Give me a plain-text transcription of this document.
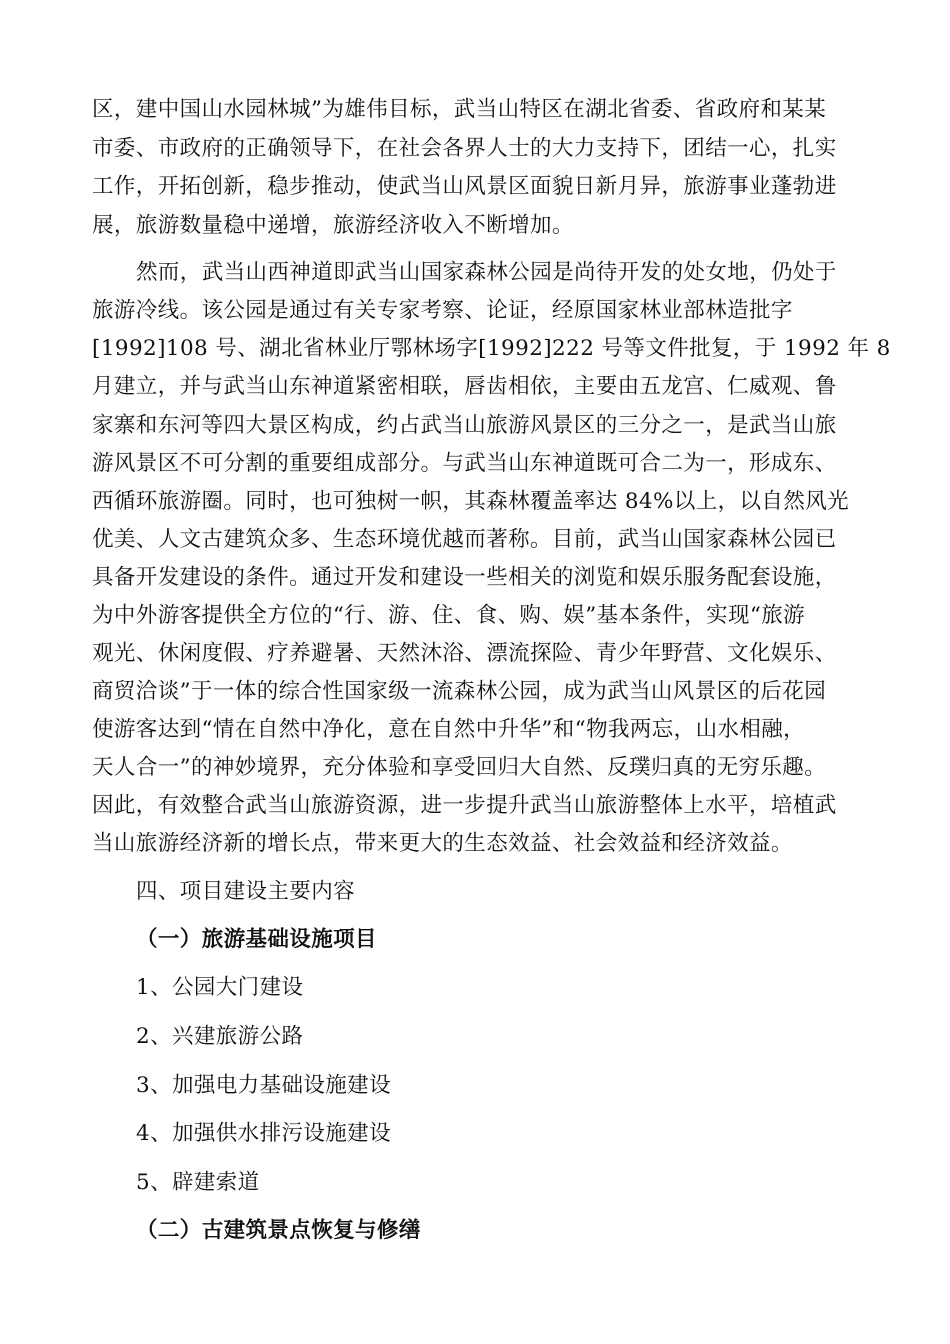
区，建中国山水园林城”为雄伟目标，武当山特区在湖北省委、省政府和某某
市委、市政府的正确领导下，在社会各界人士的大力支持下，团结一心，扎实
工作，开拓创新，稳步推动，使武当山风景区面貌日新月异，旅游事业蓬勃进
展，旅游数量稳中递增，旅游经济收入不断增加。
然而，武当山西神道即武当山国家森林公园是尚待开发的处女地，仍处于
旅游冷线。该公园是通过有关专家考察、论证，经原国家林业部林造批字
[1992]108 号、湖北省林业厅鄂林场字[1992]222 号等文件批复，于 1992 年 8
月建立，并与武当山东神道紧密相联，唇齿相依，主要由五龙宫、仁威观、鲁
家寨和东河等四大景区构成，约占武当山旅游风景区的三分之一，是武当山旅
游风景区不可分割的重要组成部分。与武当山东神道既可合二为一，形成东、
西循环旅游圈。同时，也可独树一帜，其森林覆盖率达 84%以上，以自然风光
优美、人文古建筑众多、生态环境优越而著称。目前，武当山国家森林公园已
具备开发建设的条件。通过开发和建设一些相关的浏览和娱乐服务配套设施，
为中外游客提供全方位的“行、游、住、食、购、娱”基本条件，实现“旅游
观光、休闲度假、疗养避暑、天然沐浴、漂流探险、青少年野营、文化娱乐、
商贸洽谈”于一体的综合性国家级一流森林公园，成为武当山风景区的后花园
使游客达到“情在自然中净化，意在自然中升华”和“物我两忘，山水相融，
天人合一”的神妙境界，充分体验和享受回归大自然、反璞归真的无穷乐趣。
因此，有效整合武当山旅游资源，进一步提升武当山旅游整体上水平，培植武
当山旅游经济新的增长点，带来更大的生态效益、社会效益和经济效益。
四、项目建设主要内容
（一）旅游基础设施项目
1、公园大门建设
2、兴建旅游公路
3、加强电力基础设施建设
4、加强供水排污设施建设
5、辟建索道
（二）古建筑景点恢复与修缮
